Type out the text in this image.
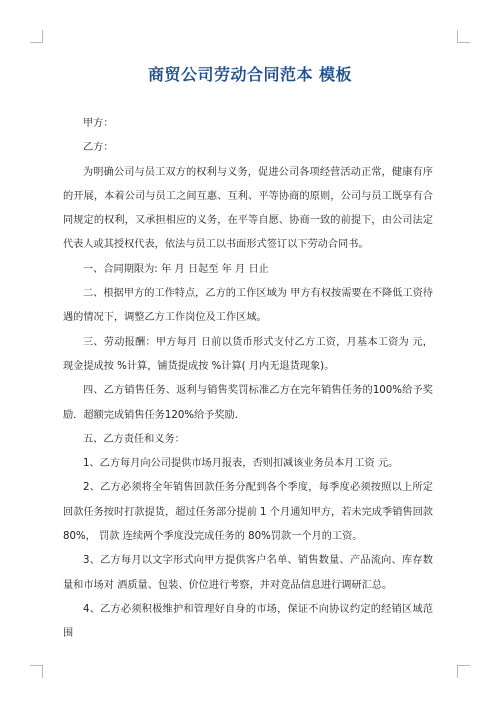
商贸公司劳动合同范本 模板

甲方：

乙方：

为明确公司与员工双方的权利与义务，促进公司各项经营活动正常，健康有序的开展，本着公司与员工之间互惠、互利、平等协商的原则，公司与员工既享有合同规定的权利，又承担相应的义务，在平等自愿、协商一致的前提下，由公司法定代表人或其授权代表，依法与员工以书面形式签订以下劳动合同书。

一、合同期限为: 年 月 日起至 年 月 日止

二、根据甲方的工作特点，乙方的工作区域为 甲方有权按需要在不降低工资待遇的情况下，调整乙方工作岗位及工作区域。

三、劳动报酬：甲方每月 日前以货币形式支付乙方工资，月基本工资为 元，现金提成按 %计算，铺货提成按 %计算( 月内无退货现象)。

四、乙方销售任务、返利与销售奖罚标准乙方在完年销售任务的100%给予奖励．超额完成销售任务120%给予奖励．

五、乙方责任和义务：

1、乙方每月向公司提供市场月报表，否则扣减该业务员本月工资 元。

2、乙方必须将全年销售回款任务分配到各个季度，每季度必须按照以上所定回款任务按时打款提货，超过任务部分提前 1 个月通知甲方，若未完成季销售回款 80%， 罚款 连续两个季度没完成任务的 80%罚款一个月的工资。

3、乙方每月以文字形式向甲方提供客户名单、销售数量、产品流向、库存数量和市场对 酒质量、包装、价位进行考察，并对竞品信息进行调研汇总。

4、乙方必须积极维护和管理好自身的市场，保证不向协议约定的经销区域范围
